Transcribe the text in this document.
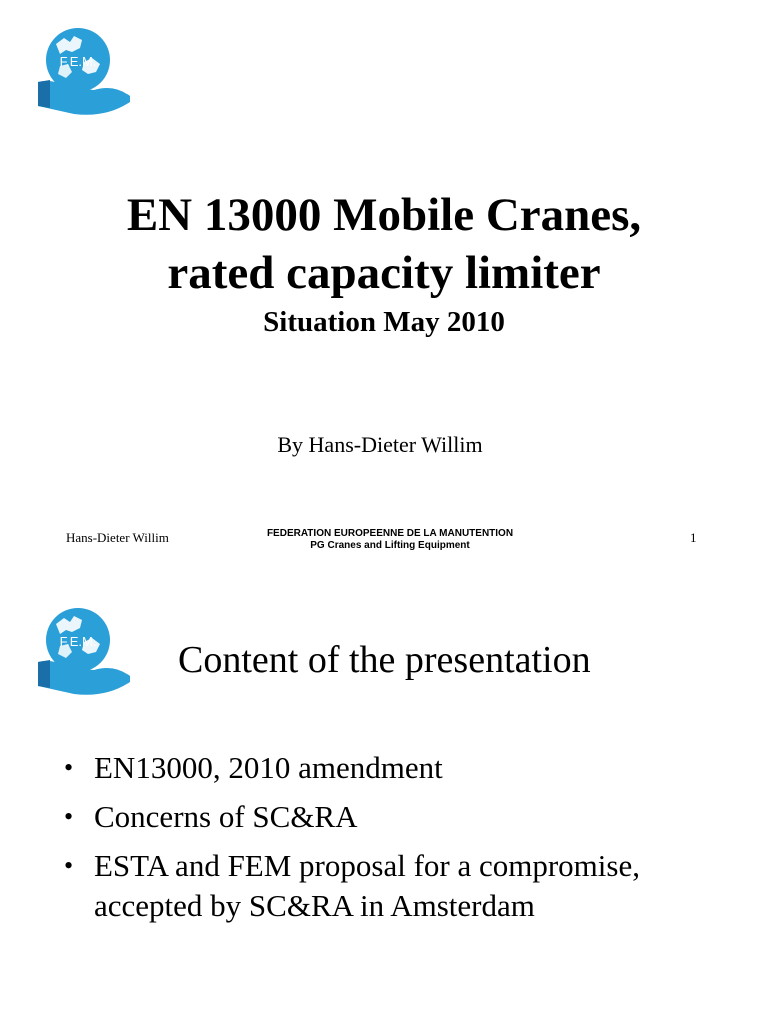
F.E.M.
EN 13000 Mobile Cranes,
rated capacity limiter

Situation May 2010

By Hans-Dieter Willim

Hans-Dieter Willim	FEDERATION EUROPEENNE DE LA MANUTENTION
PG Cranes and Lifting Equipment
1
F.E.M. Content of the presentation
• EN13000, 2010 amendment
• Concerns of SC&RA
• ESTA and FEM proposal for a compromise, accepted by SC&RA in Amsterdam
